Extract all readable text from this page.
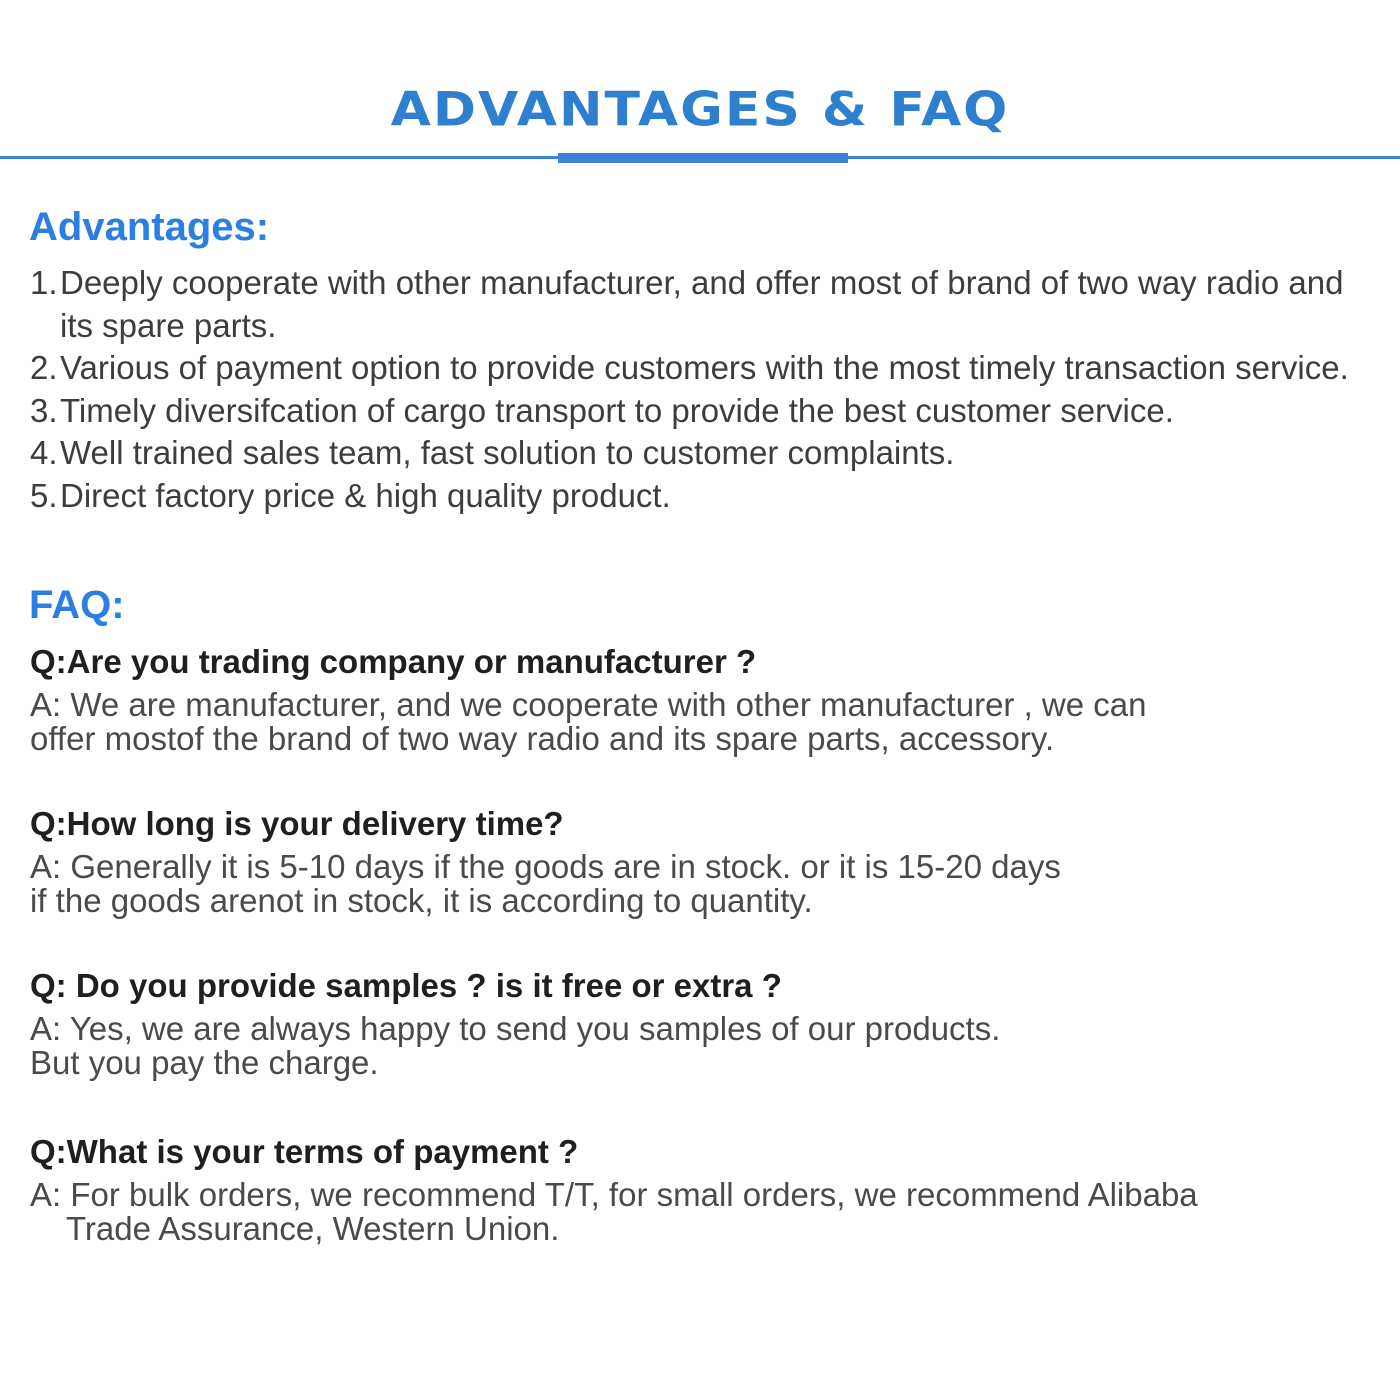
ADVANTAGES & FAQ
Advantages:
1. Deeply cooperate with other manufacturer, and offer most of brand of two way radio and its spare parts.
2. Various of payment option to provide customers with the most timely transaction service.
3. Timely diversifcation of cargo transport to provide the best customer service.
4. Well trained sales team, fast solution to customer complaints.
5. Direct factory price & high quality product.
FAQ:

Q:Are you trading company or manufacturer ?

A: We are manufacturer, and we cooperate with other manufacturer , we can
offer mostof the brand of two way radio and its spare parts, accessory.

Q:How long is your delivery time?

A: Generally it is 5-10 days if the goods are in stock. or it is 15-20 days
if the goods arenot in stock, it is according to quantity.

Q: Do you provide samples ? is it free or extra ?

A: Yes, we are always happy to send you samples of our products.
But you pay the charge.

Q:What is your terms of payment ?

A: For bulk orders, we recommend T/T, for small orders, we recommend Alibaba
Trade Assurance, Western Union.
